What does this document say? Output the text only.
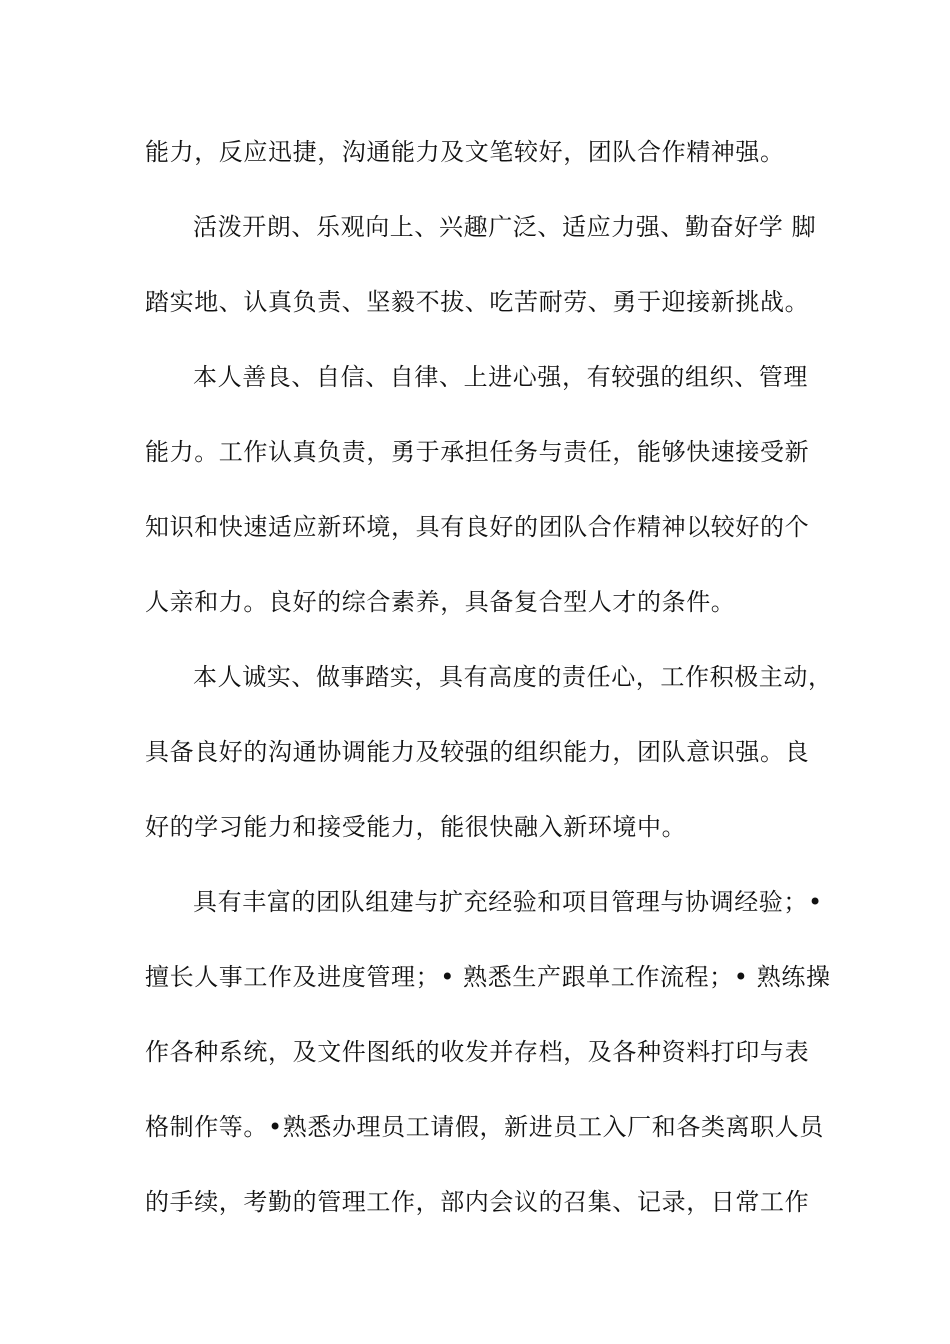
能力，反应迅捷，沟通能力及文笔较好，团队合作精神强。
活泼开朗、乐观向上、兴趣广泛、适应力强、勤奋好学 脚
踏实地、认真负责、坚毅不拔、吃苦耐劳、勇于迎接新挑战。
本人善良、自信、自律、上进心强，有较强的组织、管理
能力。工作认真负责，勇于承担任务与责任，能够快速接受新
知识和快速适应新环境，具有良好的团队合作精神以较好的个
人亲和力。良好的综合素养，具备复合型人才的条件。
本人诚实、做事踏实，具有高度的责任心，工作积极主动，
具备良好的沟通协调能力及较强的组织能力，团队意识强。良
好的学习能力和接受能力，能很快融入新环境中。
具有丰富的团队组建与扩充经验和项目管理与协调经验；•
擅长人事工作及进度管理；• 熟悉生产跟单工作流程；• 熟练操
作各种系统，及文件图纸的收发并存档，及各种资料打印与表
格制作等。•熟悉办理员工请假，新进员工入厂和各类离职人员
的手续，考勤的管理工作，部内会议的召集、记录，日常工作
